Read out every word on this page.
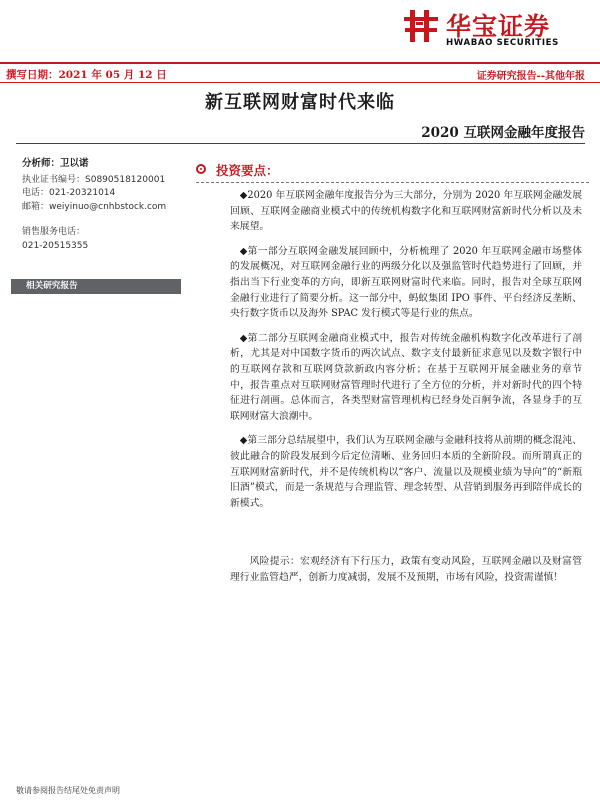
华宝证券
HWABAO SECURITIES
撰写日期：2021 年 05 月 12 日	证券研究报告--其他年报
新互联网财富时代来临
2020 互联网金融年度报告
分析师：卫以诺
执业证书编号：S0890518120001
电话：021-20321014
邮箱：weiyinuo@cnhbstock.com
销售服务电话：
021-20515355
相关研究报告
投资要点：

◆2020 年互联网金融年度报告分为三大部分，分别为 2020 年互联网金融发展回顾、互联网金融商业模式中的传统机构数字化和互联网财富新时代分析以及未来展望。

◆第一部分互联网金融发展回顾中，分析梳理了 2020 年互联网金融市场整体的发展概况，对互联网金融行业的两级分化以及强监管时代趋势进行了回顾，并指出当下行业变革的方向，即新互联网财富时代来临。同时，报告对全球互联网金融行业进行了简要分析。这一部分中，蚂蚁集团 IPO 事件、平台经济反垄断、央行数字货币以及海外 SPAC 发行模式等是行业的焦点。

◆第二部分互联网金融商业模式中，报告对传统金融机构数字化改革进行了剖析，尤其是对中国数字货币的两次试点、数字支付最新征求意见以及数字银行中的互联网存款和互联网贷款新政内容分析；在基于互联网开展金融业务的章节中，报告重点对互联网财富管理时代进行了全方位的分析，并对新时代的四个特征进行剖画。总体而言，各类型财富管理机构已经身处百舸争流，各显身手的互联网财富大浪潮中。

◆第三部分总结展望中，我们认为互联网金融与金融科技将从前期的概念混沌、彼此融合的阶段发展到今后定位清晰、业务回归本质的全新阶段。而所谓真正的互联网财富新时代，并不是传统机构以“客户、流量以及规模业绩为导向”的“新瓶旧酒”模式，而是一条规范与合理监管、理念转型、从营销到服务再到陪伴成长的新模式。

风险提示：宏观经济有下行压力，政策有变动风险，互联网金融以及财富管理行业监管趋严，创新力度减弱，发展不及预期，市场有风险，投资需谨慎！

敬请参阅报告结尾处免责声明
